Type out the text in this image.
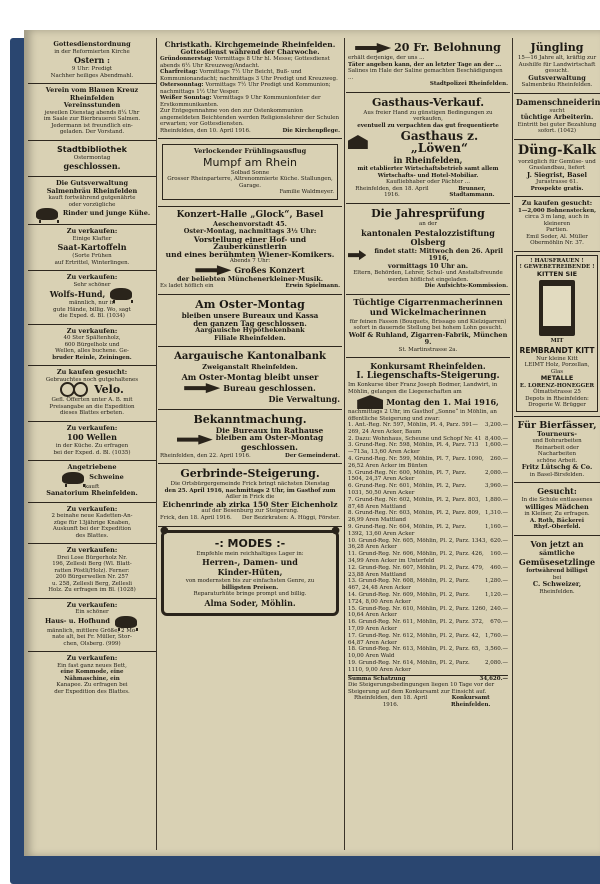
Gottesdienstordnung
in der Reformierten Kirche
Ostern :
9 Uhr: Predigt
Nachher heiliges Abendmahl.
Verein vom Blauen Kreuz
Rheinfelden
Vereinsstunden
jeweilen Dienstag abends 8¼ Uhr
im Saale zur Bierbrauerei Salmen.
Jedermann ist freundlich ein-
geladen. Der Vorstand.
Stadtbibliothek
Ostermontag
geschlossen.
Die Gutsverwaltung
Salmenbräu Rheinfelden
kauft fortwährend gutgenährte
oder vorzügliche
Rinder und junge Kühe.
Zu verkaufen:
Einige Klafter
Saat-Kartoffeln
(Sorte Frühen
auf Ertrittel, Winterlingen.
Zu verkaufen:
Sehr schöner
Wolfs-Hund,
männlich, nur in
gute Hände, billig. Wo, sagt
die Exped. d. Bl. (1034)
Zu verkaufen:
40 Ster Spältenholz,
600 Bürgelholz und
Wellen, alles buchene. Ge-
bruder Reinle, Zeiningen.
Zu kaufen gesucht:
Gebrauchtes noch gutgehaltenes
Velo.
Gefl. Offerten unter A. B. mit
Preisangabe an die Expedition
dieses Blattes erbeten.
Zu verkaufen:
100 Wellen
in der Küche. Zu erfragen
bei der Exped. d. Bl. (1035)
Angetriebene
Schweine
kauft
Sanatorium Rheinfelden.
Zu verkaufen:
2 beinahe neue Kadetten-An-
züge für 13jährige Knaben,
Auskunft bei der Expedition
des Blattes.
Zu verkaufen:
Drei Lose Bürgerholz Nr.
196, Zellesli Berg (Wl. Blatt-
ratten Pöstli/Holz). Ferner:
200 Bürgerwellen Nr. 257
u. 258, Zellesli Berg, Zellesli
Holz. Zu erfragen im Bl. (1028)
Zu verkaufen:
Ein schöner
Haus- u. Hofhund
männlich, mittlere Größe, 2 Mo-
nate alt, bei Fr. Müller, Stor-
chen, Olsberg. (999)
Zu verkaufen:
Ein fast ganz neues Bett,
eine Kommode, eine
Nähmaschine, ein
Kanapee. Zu erfragen bei
der Expedition des Blattes.
Christkath. Kirchgemeinde Rheinfelden.
Gottesdienst während der Charwoche.
Gründonnerstag: Vormittags 8 Uhr hl. Messe; Gottesdienst abends 6½ Uhr Kreuzweg/Andacht.
Charfreitag: Vormittags 7½ Uhr Beicht, Buß- und Kommunionandacht; nachmittags 3 Uhr Predigt und Kreuzweg.
Ostersonntag: Vormittags 7½ Uhr Predigt und Kommunion; nachmittags 1½ Uhr Vesper.
Weißer Sonntag: Vormittags 9 Uhr Kommunionfeier der Erstkommunikanten.
Zur Entgegennahme von den zur Ostenkommunion angemeldeten Beichtenden werden Religionslehrer der Schulen erwarten; vor Gottesdiensten.
Rheinfelden, den 10. April 1916.	Die Kirchenpflege.
Verlockender Frühlingsausflug
Mumpf am Rhein
Solbad Sonne
Grosser Rheinparterre, Altrenommierte Küche. Stallungen, Garage.
Familie Waldmeyer.
Konzert-Halle „Glock“, Basel
Aeschenvorstadt 45.
Oster-Montag, nachmittags 3½ Uhr:
Vorstellung einer Hof- und Zauberkünstlerin
und eines berühmten Wiener-Komikers.
Abends 7 Uhr:
Großes Konzert
der beliebten Münchenerkleiner-Musik.
Es ladet höflich ein	Erwin Spielmann.
Am Oster-Montag
bleiben unsere Bureaux und Kassa
den ganzen Tag geschlossen.
Aargauische Hypothekenbank
Filiale Rheinfelden.
Aargauische Kantonalbank
Zweiganstalt Rheinfelden.
Am Oster-Montag bleibt unser
Bureau geschlossen.
Die Verwaltung.
Bekanntmachung.
Die Bureaux im Rathause
bleiben am Oster-Montag
geschlossen.
Rheinfelden, den 22. April 1916.	Der Gemeinderat.
Gerbrinde-Steigerung.
Die Ortsbürgergemeinde Frick bringt nächsten Dienstag
den 25. April 1916, nachmittags 2 Uhr, im Gasthof zum
Adler in Frick die
Eichenrinde ab zirka 150 Ster Eichenholz
auf der Besenburg zur Steigerung.
Frick, den 18. April 1916. Der Bezirkraten: A. Hüggi, Förster.
● -: MODES :-
Empfehle mein reichhaltiges Lager in:
Herren-, Damen- und
Kinder-Hüten,
von modernsten bis zur einfachsten Genre, zu
billigsten Preisen.
Reparaturhüte bringe prompt und billig.
Alma Soder, Möhlin.
●
20 Fr. Belohnung
erhält derjenige, der uns ...
Täter angeben kann, der an letzter Tage an der ...
Salines im Hale der Saline gemachten Beschädigungen ...
Stadtpolizei Rheinfelden.
Gasthaus-Verkauf.
Aus freier Hand zu günstigen Bedingungen zu verkaufen,
eventuell zu verpachten das gut frequentierte
Gasthaus z. „Löwen“
in Rheinfelden,
mit etablierter Wirtschaftsbetrieb samt allem Wirtschafts- und Hotel-Mobiliar.
Kaufliebhaber oder Pächter ...
Rheinfelden, den 18. April 1916.
Brunner, Stadtammann.
Die Jahresprüfung
an der
kantonalen Pestalozzistiftung Olsberg
findet statt: Mittwoch den 26. April 1916,
vormittags 10 Uhr an.
Eltern, Behörden, Lehrer, Schul- und Anstaltsfreunde werden höflichst eingeladen.
Die Aufsichts-Kommission.
Tüchtige Cigarrenmacherinnen
und Wickelmacherinnen
für feinen Fasson (Bouquets, Brissago und Kielzigarren) sofort in dauernde Stellung bei hohem Lohn gesucht.
Wolf & Ruhland, Zigarren-Fabrik, München 9.
St. Martinstrasse 2a.
Konkursamt Rheinfelden.
I. Liegenschafts-Steigerung.
Im Konkurse über Franz Joseph Bodmer, Landwirt, in Möhlin, gelangen die Liegenschaften am
Montag den 1. Mai 1916,
nachmittags 2 Uhr, im Gasthof „Sonne“ in Möhlin, an öffentliche Steigerung und zwar:
1. Ant.-Reg. Nr. 597, Möhlin, Pl. 4, Parz. 591—269, 24 Aren Acker, Baum
3,200.—
2. Dazu: Wohnhaus, Scheune und Schopf Nr. 41 8,400.—
3. Grund-Reg. Nr. 598, Möhlin, Pl. 4, Parz. 713—713a, 13,60 Aren Acker
1,600.—
4. Grund-Reg. Nr. 599, Möhlin, Pl. 7, Parz. 1090, 26,52 Aren Acker im Bünten
260.—
5. Grund-Reg. Nr. 600, Möhlin, Pl. 7, Parz. 1504, 24,37 Aren Acker
2,080.—
6. Grund-Reg. Nr. 601, Möhlin, Pl. 2, Parz. 1031, 50,50 Aren Acker
3,960.—
7. Grund-Reg. Nr. 602, Möhlin, Pl. 2, Parz. 803, 87,48 Aren Mattland
1,880.—
8. Grund-Reg. Nr. 603, Möhlin, Pl. 2, Parz. 809, 26,99 Aren Mattland
1,310.—
9. Grund-Reg. Nr. 604, Möhlin, Pl. 2, Parz. 1392, 13,60 Aren Acker
1,160.—
10. Grund-Reg. Nr. 605, Möhlin, Pl. 2, Parz. 1343, 36,28 Aren Acker
620.—
11. Grund-Reg. Nr. 606, Möhlin, Pl. 2, Parz. 426, 34,99 Aren Acker im Unterfeld
160.—
12. Grund-Reg. Nr. 607, Möhlin, Pl. 2, Parz. 479, 23,88 Aren Mattland
460.—
13. Grund-Reg. Nr. 608, Möhlin, Pl. 2, Parz. 467, 24,48 Aren Acker
1,280.—
14. Grund-Reg. Nr. 609, Möhlin, Pl. 2, Parz. 1724, 8,00 Aren Acker
1,120.—
15. Grund-Reg. Nr. 610, Möhlin, Pl. 2, Parz. 1260, 10,64 Aren Acker
240.—
16. Grund-Reg. Nr. 611, Möhlin, Pl. 2, Parz. 372, 17,09 Aren Acker
670.—
17. Grund-Reg. Nr. 612, Möhlin, Pl. 2, Parz. 42, 64,87 Aren Acker
1,760.—
18. Grund-Reg. Nr. 613, Möhlin, Pl. 2, Parz. 65, 10,00 Aren Wald
3,560.—
19. Grund-Reg. Nr. 614, Möhlin, Pl. 2, Parz. 1110, 9,00 Aren Acker
2,080.—
Summa Schatzung	34,620.—
Die Steigerungsbedingungen liegen 10 Tage vor der Steigerung auf dem Konkursamt zur Einsicht auf.
Rheinfelden, den 18. April 1916.
Konkursamt Rheinfelden.
Jüngling
15—16 Jahre alt, kräftig zur
Aushilfe für Landwirtschaft
gesucht.
Gutsverwaltung
Salmenbräu Rheinfelden.
Damenschneiderin
sucht
tüchtige Arbeiterin.
Eintritt bei guter Bezahlung
sofort. (1042)
Düng-Kalk
vorzüglich für Gemüse- und
Graslandbau, liefert
J. Siegrist, Basel
Jurastrasse 61.
Prospekte gratis.
Zu kaufen gesucht:
1—2,000 Bohnenstecken,
circa 3 m lang, auch in kleineren
Partien.
Emil Soder, Al. Müller
Obermöhlin Nr. 37.
! HAUSFRAUEN !
! GEWEBETREIBENDE !
KITTEN SIE
MIT
REMBRANDT KITT
Nur kleine Kitt
LEIMT Holz, Porzellan, Glas
METALLE
E. LORENZ-HONEGGER
Ölmattstrasse 25
Depots in Rheinfelden:
Drogerie W. Brügger
Für Bierfässer,
Tourneurs-
und Bohrarbeiten
Reinarbeit oder Nacharbeiten
schöne Arbeit.
Fritz Lütschg & Co.
in Basel-Birsfelden.
Gesucht:
In die Schule entlassenes
williges Mädchen
in Kleiner, Zu erfragen.
A. Roth, Bäckerei
Rhyf.-Oberfeld.
Von jetzt an
sämtliche
Gemüsesetzlinge
fortwährend billigst
bei
C. Schweizer,
Rheinfelden.
